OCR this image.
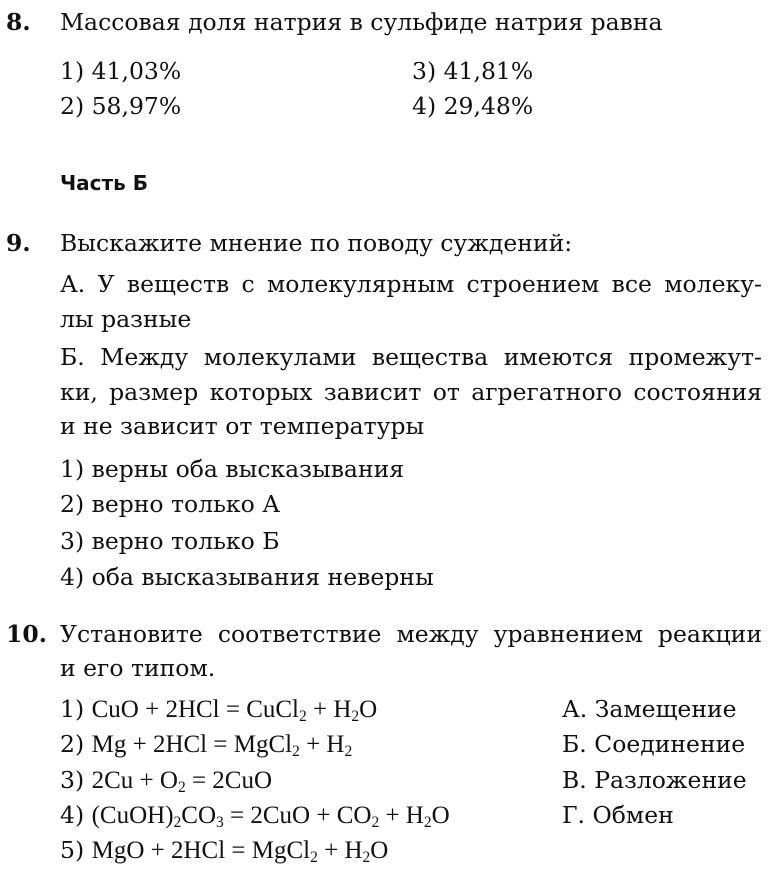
8. Массовая доля натрия в сульфиде натрия равна
1) 41,03%
2) 58,97%
3) 41,81%
4) 29,48%
Часть Б
9. Выскажите мнение по поводу суждений:
А. У веществ с молекулярным строением все молеку-
лы разные
Б. Между молекулами вещества имеются промежут-
ки, размер которых зависит от агрегатного состояния
и не зависит от температуры
1) верны оба высказывания
2) верно только А
3) верно только Б
4) оба высказывания неверны
10. Установите соответствие между уравнением реакции
и его типом.
1) CuO + 2HCl = CuCl$_2$ + $H_2O$
2) Mg + 2HCl = MgCl$_2$ + $H_2$
3) $2Cu + O_2 = 2CuO$
4) $(CuOH)_2CO_3 = 2CuO + CO_2 + H_2O$
5) MgO + 2HCl = MgCl$_2$ + $H_2O$
А. Замещение
Б. Соединение
В. Разложение
Г. Обмен
